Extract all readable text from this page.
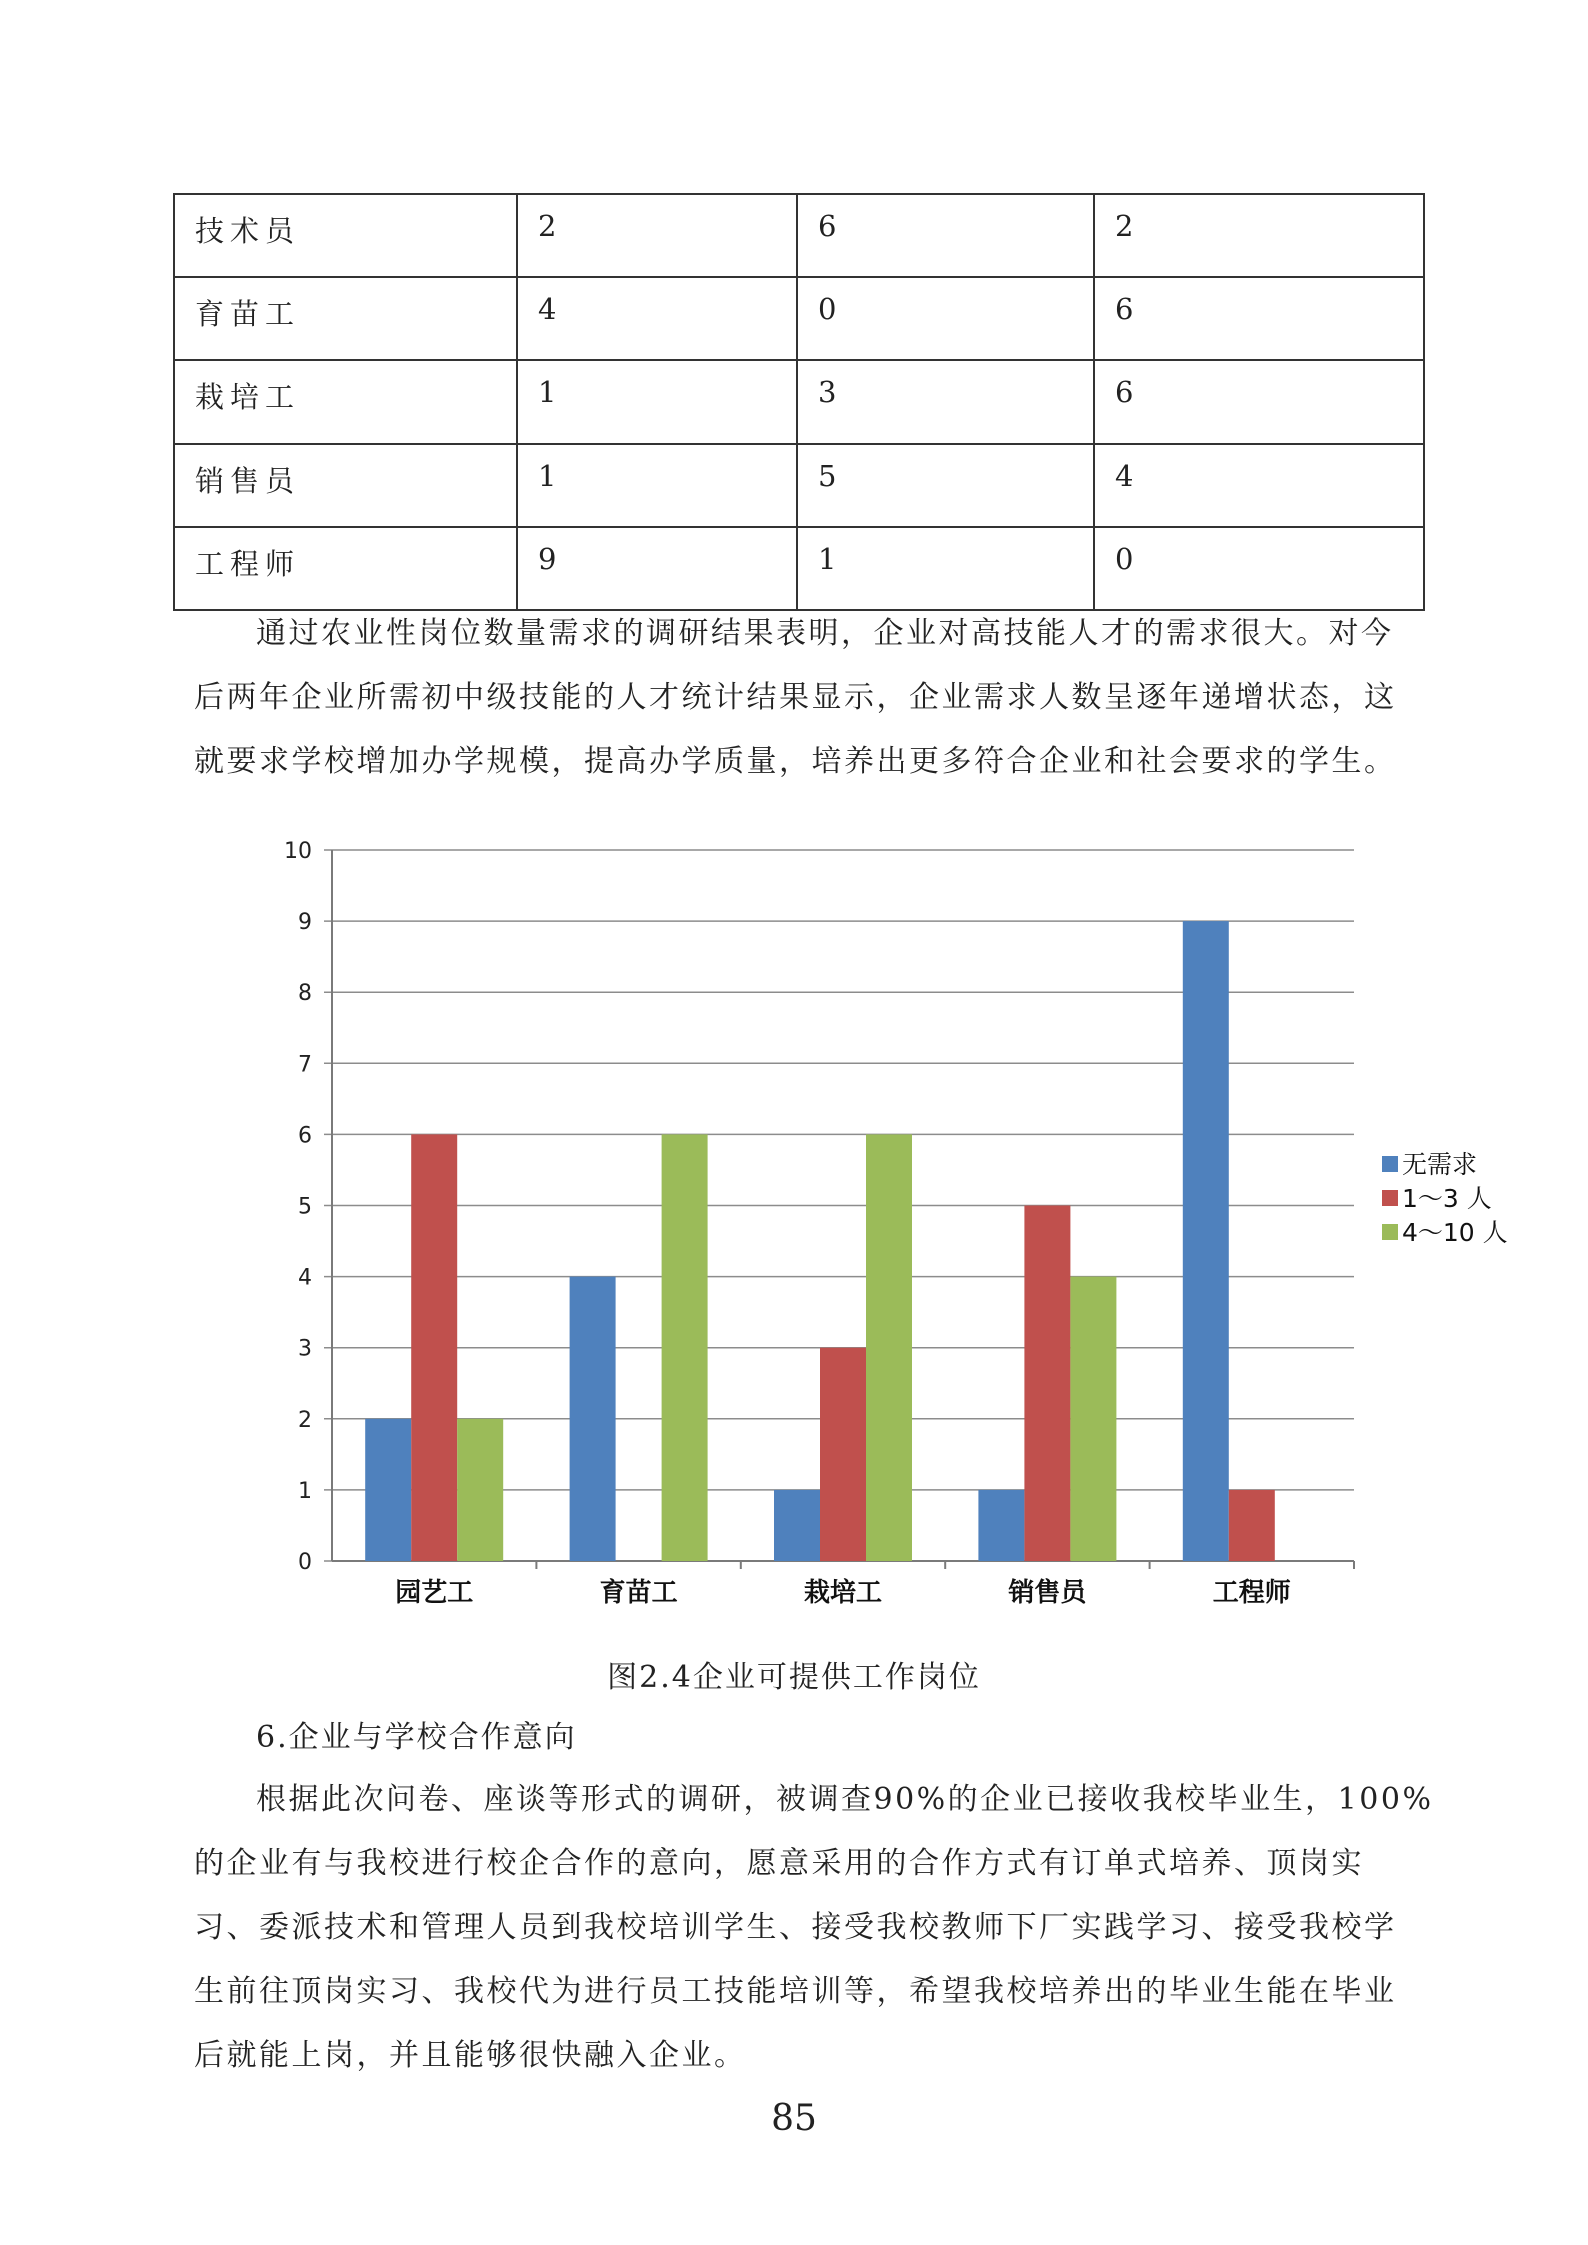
技术员	2	6	2
育苗工	4	0	6
栽培工	1	3	6
销售员	1	5	4
工程师	9	1	0

通过农业性岗位数量需求的调研结果表明，企业对高技能人才的需求很大。对今
后两年企业所需初中级技能的人才统计结果显示，企业需求人数呈逐年递增状态，这
就要求学校增加办学规模，提高办学质量，培养出更多符合企业和社会要求的学生。

0
1
2
3
4
5
6
7
8
9
10
园艺工	育苗工	栽培工	销售员	工程师
无需求
1～3 人
4～10 人
图2.4企业可提供工作岗位
6.企业与学校合作意向

根据此次问卷、座谈等形式的调研，被调查90%的企业已接收我校毕业生，100%
的企业有与我校进行校企合作的意向，愿意采用的合作方式有订单式培养、顶岗实
习、委派技术和管理人员到我校培训学生、接受我校教师下厂实践学习、接受我校学
生前往顶岗实习、我校代为进行员工技能培训等，希望我校培养出的毕业生能在毕业
后就能上岗，并且能够很快融入企业。

85
